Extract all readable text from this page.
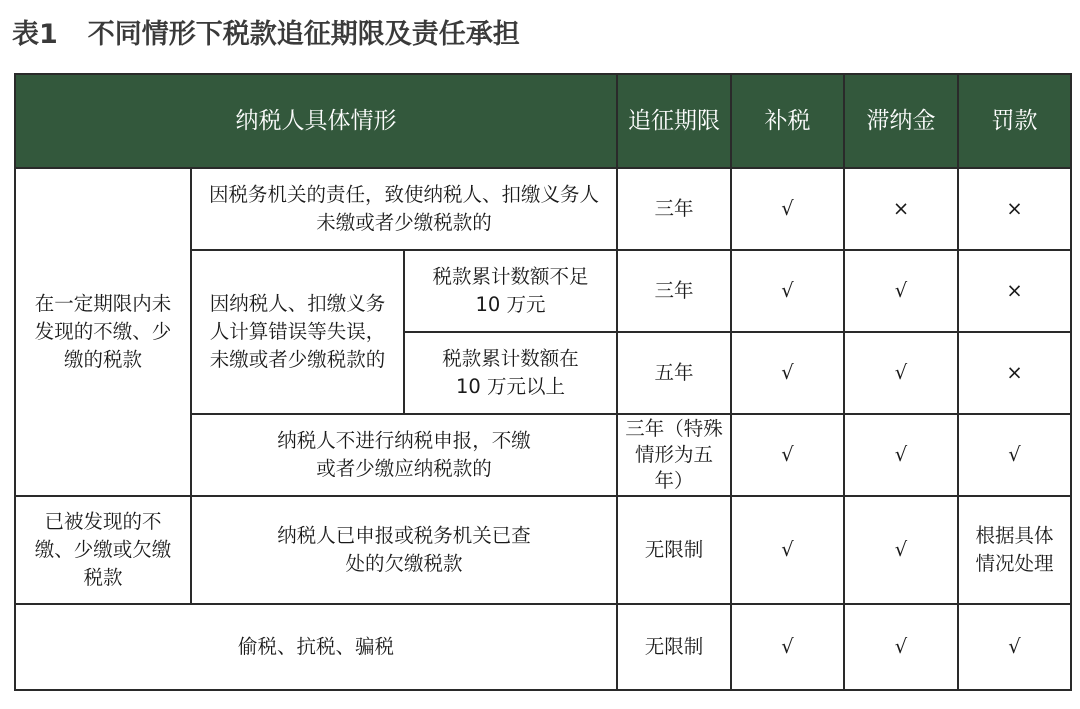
表1 不同情形下税款追征期限及责任承担
纳税人具体情形			追征期限	补税	滞纳金	罚款

在一定期限内未发现的不缴、少缴的税款	因税务机关的责任，致使纳税人、扣缴义务人未缴或者少缴税款的		三年	√	×	×

	因纳税人、扣缴义务人计算错误等失误，未缴或者少缴税款的	税款累计数额不足10 万元	三年	√	√	×

		税款累计数额在10 万元以上	五年	√	√	×

	纳税人不进行纳税申报，不缴或者少缴应纳税款的		三年（特殊情形为五年）	√	√	√

已被发现的不缴、少缴或欠缴税款	纳税人已申报或税务机关已查处的欠缴税款		无限制	√	√	根据具体情况处理

偷税、抗税、骗税			无限制	√	√	√
